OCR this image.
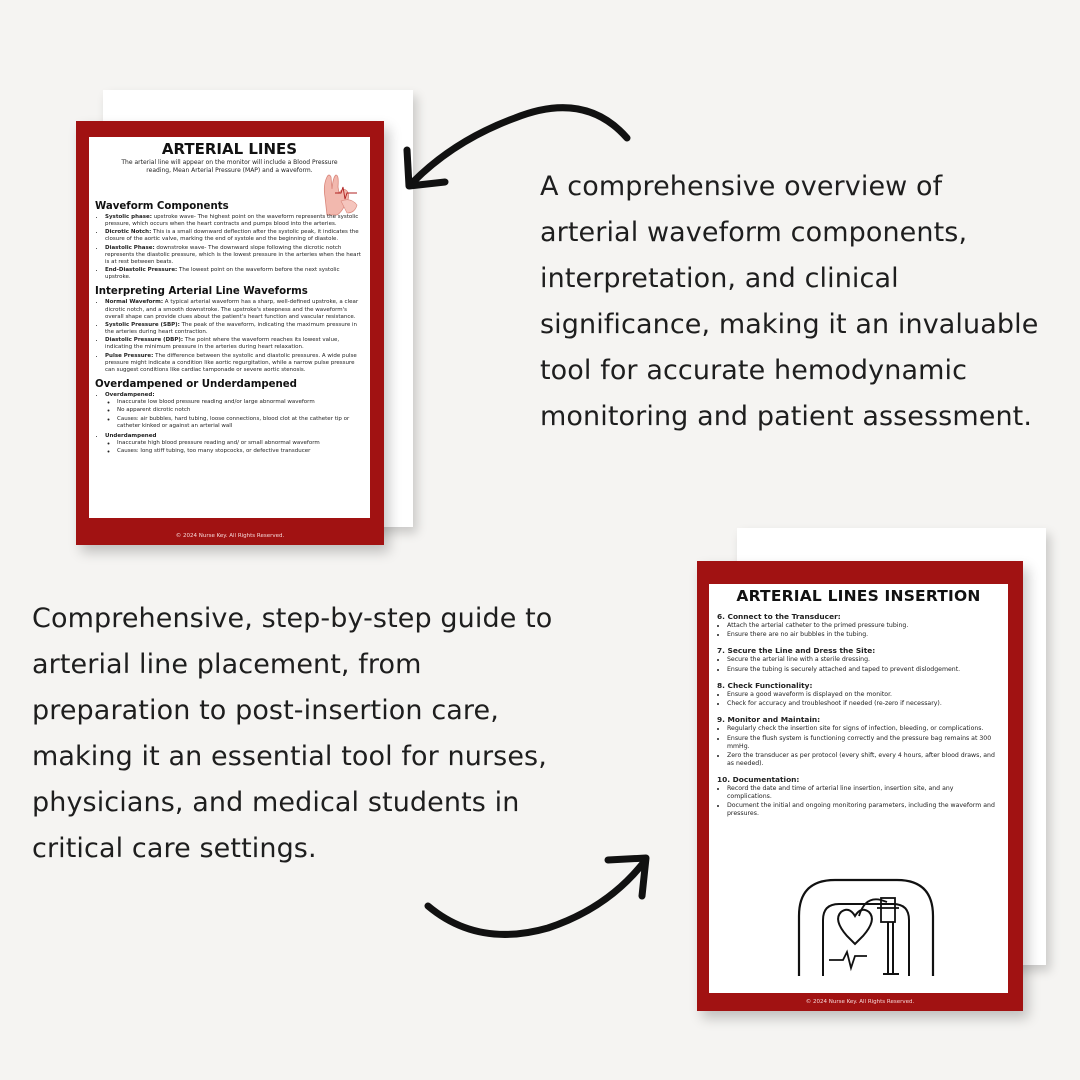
ARTERIAL LINES
The arterial line will appear on the monitor will include a Blood Pressure reading, Mean Arterial Pressure (MAP) and a waveform.
Waveform Components
• Systolic phase: upstroke wave- The highest point on the waveform represents the systolic pressure, which occurs when the heart contracts and pumps blood into the arteries.
• Dicrotic Notch: This is a small downward deflection after the systolic peak, it indicates the closure of the aortic valve, marking the end of systole and the beginning of diastole.
• Diastolic Phase: downstroke wave- The downward slope following the dicrotic notch represents the diastolic pressure, which is the lowest pressure in the arteries when the heart is at rest between beats.
• End-Diastolic Pressure: The lowest point on the waveform before the next systolic upstroke.
Interpreting Arterial Line Waveforms
• Normal Waveform: A typical arterial waveform has a sharp, well-defined upstroke, a clear dicrotic notch, and a smooth downstroke. The upstroke's steepness and the waveform's overall shape can provide clues about the patient's heart function and vascular resistance.
• Systolic Pressure (SBP): The peak of the waveform, indicating the maximum pressure in the arteries during heart contraction.
• Diastolic Pressure (DBP): The point where the waveform reaches its lowest value, indicating the minimum pressure in the arteries during heart relaxation.
• Pulse Pressure: The difference between the systolic and diastolic pressures. A wide pulse pressure might indicate a condition like aortic regurgitation, while a narrow pulse pressure can suggest conditions like cardiac tamponade or severe aortic stenosis.
Overdampened or Underdampened
• Overdampened:
◦ Inaccurate low blood pressure reading and/or large abnormal waveform
◦ No apparent dicrotic notch
◦ Causes: air bubbles, hard tubing, loose connections, blood clot at the catheter tip or catheter kinked or against an arterial wall
• Underdampened
◦ Inaccurate high blood pressure reading and/ or small abnormal waveform
◦ Causes: long stiff tubing, too many stopcocks, or defective transducer
© 2024 Nurse Key. All Rights Reserved.
A comprehensive overview of
arterial waveform components,
interpretation, and clinical
significance, making it an invaluable
tool for accurate hemodynamic
monitoring and patient assessment.
Comprehensive, step-by-step guide to
arterial line placement, from
preparation to post-insertion care,
making it an essential tool for nurses,
physicians, and medical students in
critical care settings.
ARTERIAL LINES INSERTION
6. Connect to the Transducer:
• Attach the arterial catheter to the primed pressure tubing.
• Ensure there are no air bubbles in the tubing.
7. Secure the Line and Dress the Site:
• Secure the arterial line with a sterile dressing.
• Ensure the tubing is securely attached and taped to prevent dislodgement.
8. Check Functionality:
• Ensure a good waveform is displayed on the monitor.
• Check for accuracy and troubleshoot if needed (re-zero if necessary).
9. Monitor and Maintain:
• Regularly check the insertion site for signs of infection, bleeding, or complications.
• Ensure the flush system is functioning correctly and the pressure bag remains at 300 mmHg.
• Zero the transducer as per protocol (every shift, every 4 hours, after blood draws, and as needed).
10. Documentation:
• Record the date and time of arterial line insertion, insertion site, and any complications.
• Document the initial and ongoing monitoring parameters, including the waveform and pressures.
© 2024 Nurse Key. All Rights Reserved.
